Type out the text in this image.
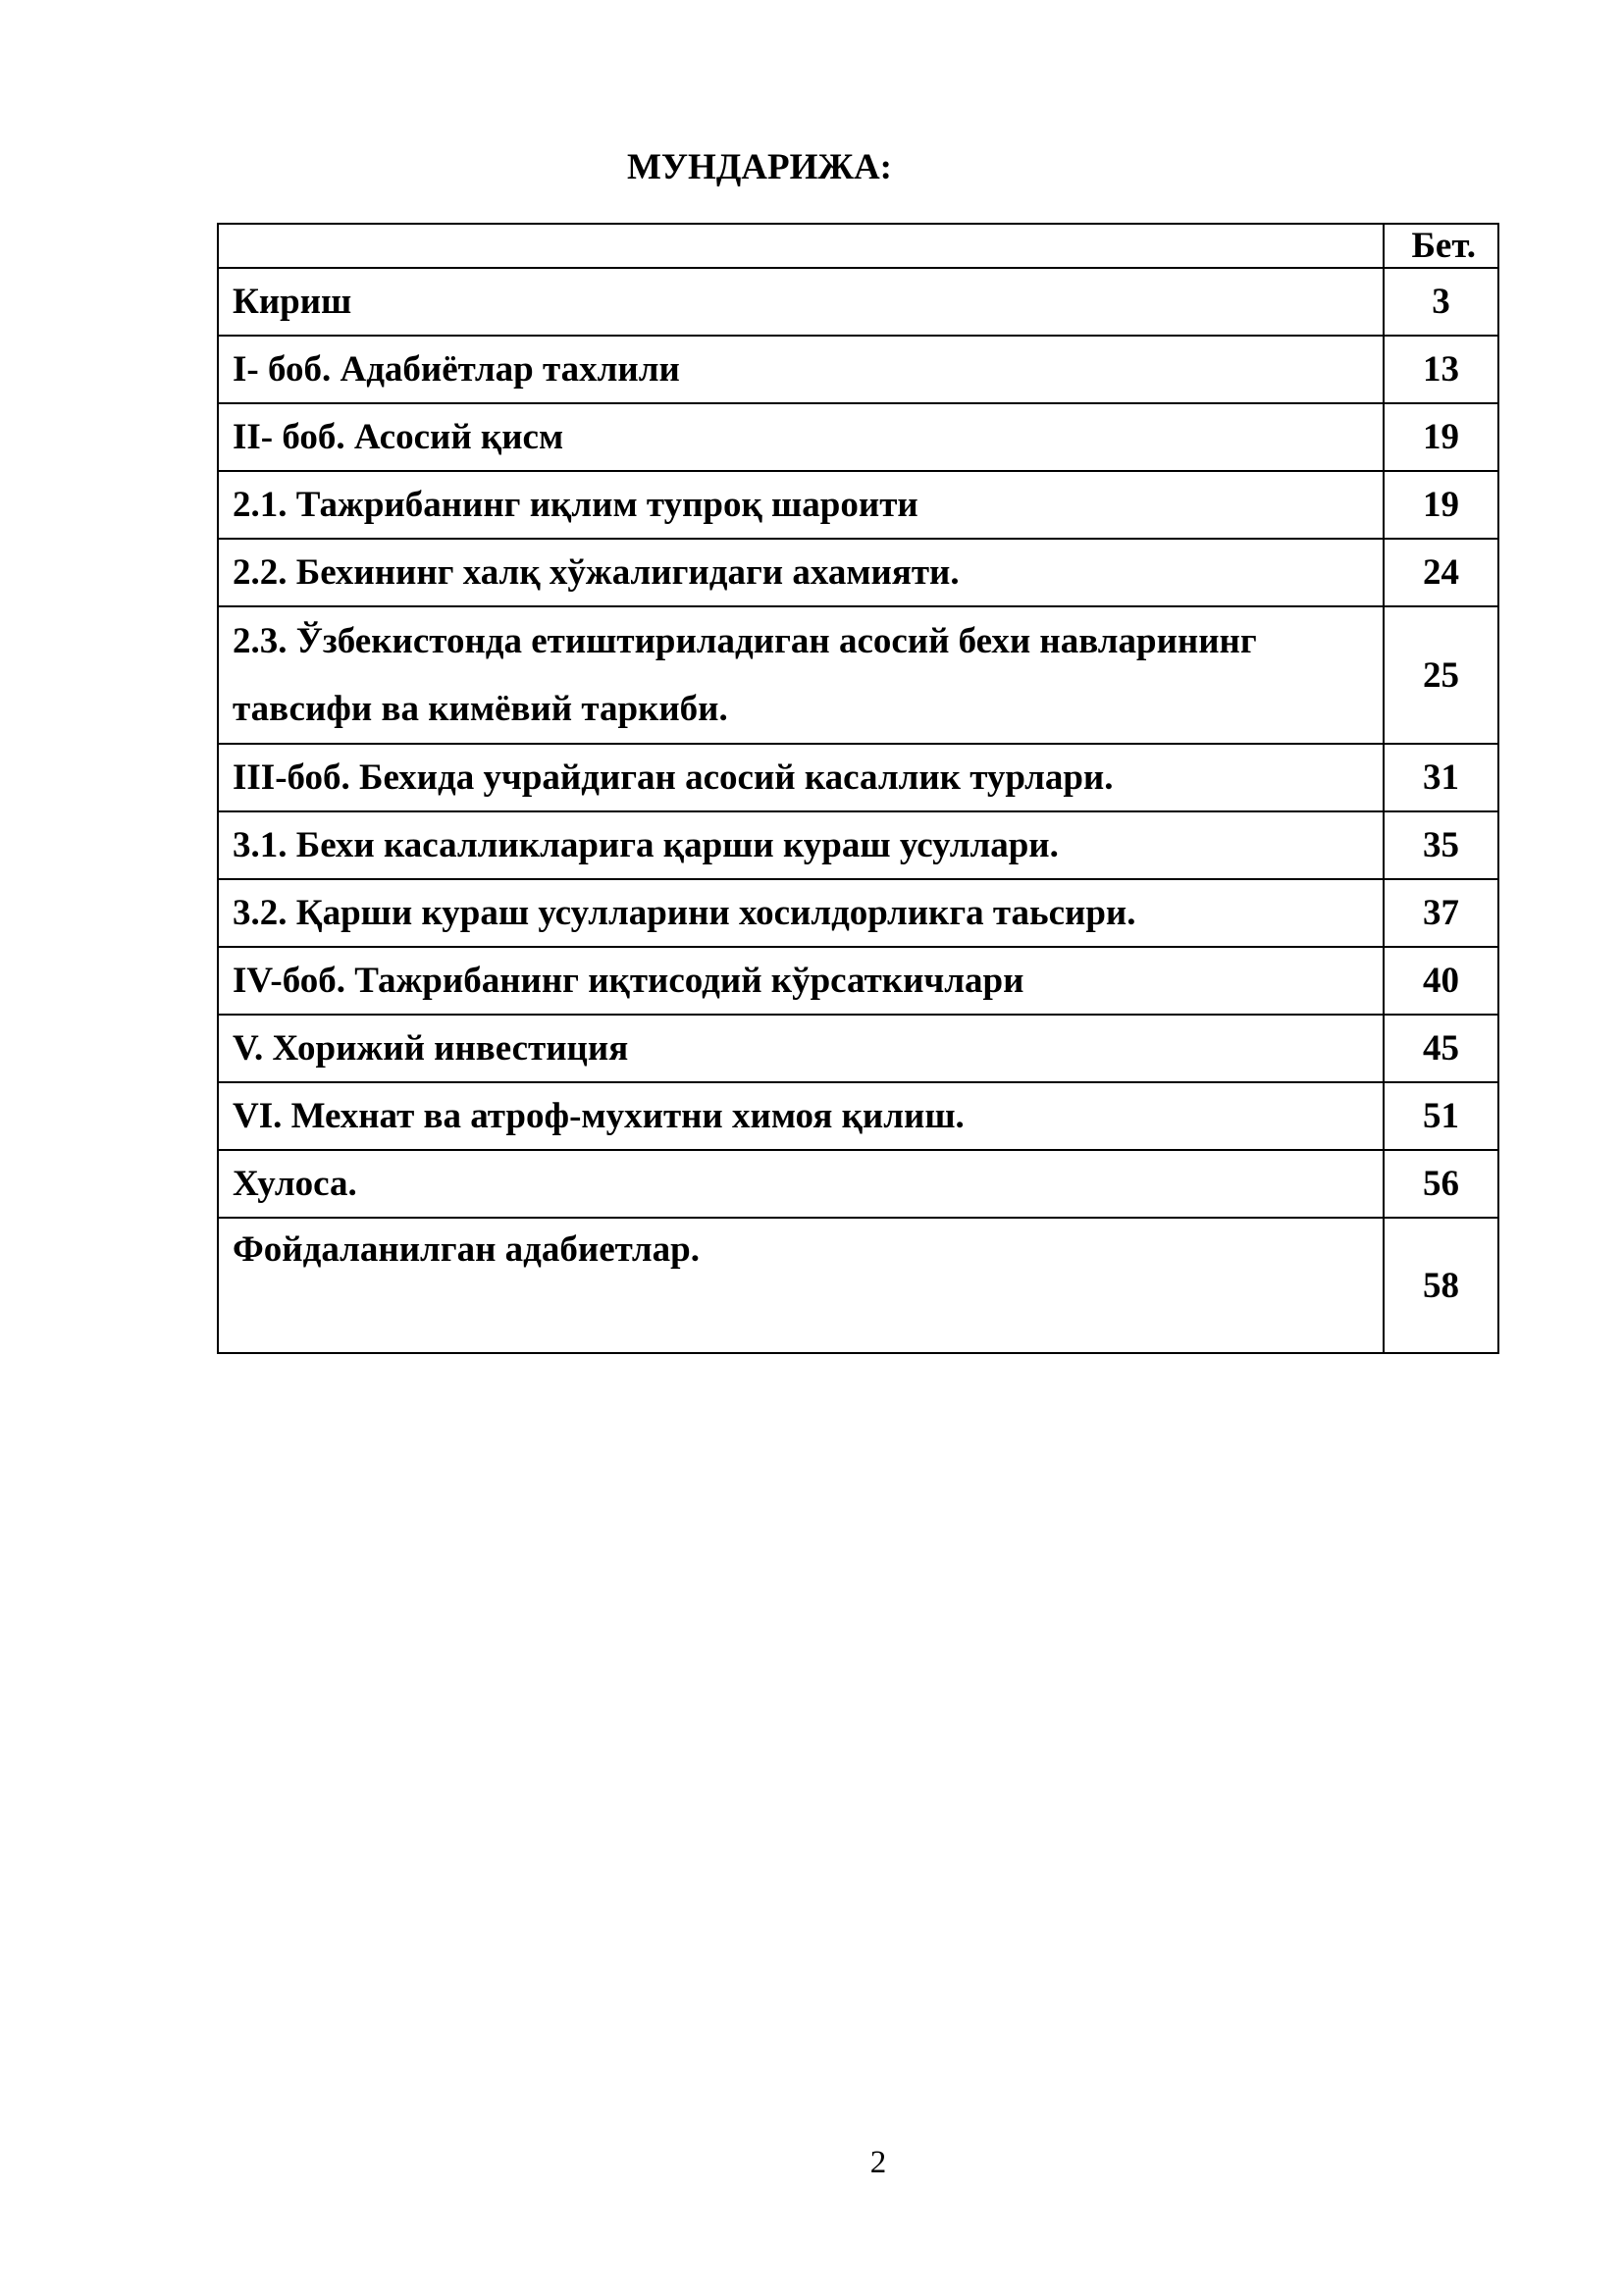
МУНДАРИЖА:
	Бет.
Кириш	3
I- боб. Адабиётлар тахлили	13
II- боб. Асосий қисм	19
2.1. Тажрибанинг иқлим тупроқ шароити	19
2.2. Бехининг халқ хўжалигидаги ахамияти.	24
2.3. Ўзбекистонда етиштириладиган асосий бехи навларининг тавсифи ва кимёвий таркиби.	25
III-боб. Бехида учрайдиган асосий касаллик турлари.	31
3.1. Бехи касалликларига қарши кураш усуллари.	35
3.2. Қарши кураш усулларини хосилдорликга таьсири.	37
IV-боб. Тажрибанинг иқтисодий кўрсаткичлари	40
V. Хорижий инвестиция	45
VI. Мехнат ва атроф-мухитни химоя қилиш.	51
Хулоса.	56
Фойдаланилган адабиетлар.	58
2
